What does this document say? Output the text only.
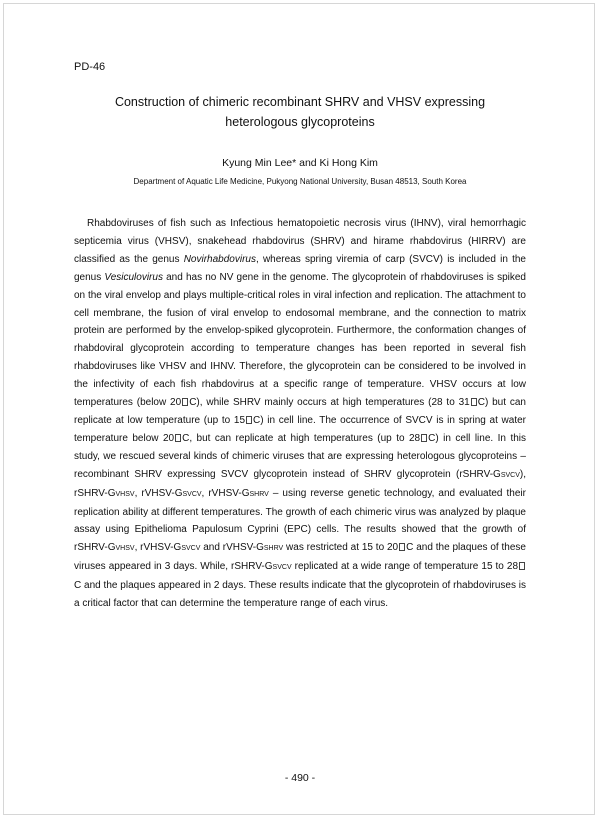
PD-46
Construction of chimeric recombinant SHRV and VHSV expressing
heterologous glycoproteins
Kyung Min Lee* and Ki Hong Kim
Department of Aquatic Life Medicine, Pukyong National University, Busan 48513, South Korea

Rhabdoviruses of fish such as Infectious hematopoietic necrosis virus (IHNV), viral hemorrhagic septicemia virus (VHSV), snakehead rhabdovirus (SHRV) and hirame rhabdovirus (HIRRV) are classified as the genus Novirhabdovirus, whereas spring viremia of carp (SVCV) is included in the genus Vesiculovirus and has no NV gene in the genome. The glycoprotein of rhabdoviruses is spiked on the viral envelop and plays multiple-critical roles in viral infection and replication. The attachment to cell membrane, the fusion of viral envelop to endosomal membrane, and the connection to matrix protein are performed by the envelop-spiked glycoprotein. Furthermore, the conformation changes of rhabdoviral glycoprotein according to temperature changes has been reported in several fish rhabdoviruses like VHSV and IHNV. Therefore, the glycoprotein can be considered to be involved in the infectivity of each fish rhabdovirus at a specific range of temperature. VHSV occurs at low temperatures (below 20 C), while SHRV mainly occurs at high temperatures (28 to 31 C) but can replicate at low temperature (up to 15 C) in cell line. The occurrence of SVCV is in spring at water temperature below 20 C, but can replicate at high temperatures (up to 28 C) in cell line. In this study, we rescued several kinds of chimeric viruses that are expressing heterologous glycoproteins – recombinant SHRV expressing SVCV glycoprotein instead of SHRV glycoprotein (rSHRV-GSVCV), rSHRV-GVHSV, rVHSV-GSVCV, rVHSV-GSHRV – using reverse genetic technology, and evaluated their replication ability at different temperatures. The growth of each chimeric virus was analyzed by plaque assay using Epithelioma Papulosum Cyprini (EPC) cells. The results showed that the growth of rSHRV-GVHSV, rVHSV-GSVCV and rVHSV-GSHRV was restricted at 15 to 20 C and the plaques of these viruses appeared in 3 days. While, rSHRV-GSVCV replicated at a wide range of temperature 15 to 28C and the plaques appeared in 2 days. These results indicate that the glycoprotein of rhabdoviruses is a critical factor that can determine the temperature range of each virus.

- 490 -
